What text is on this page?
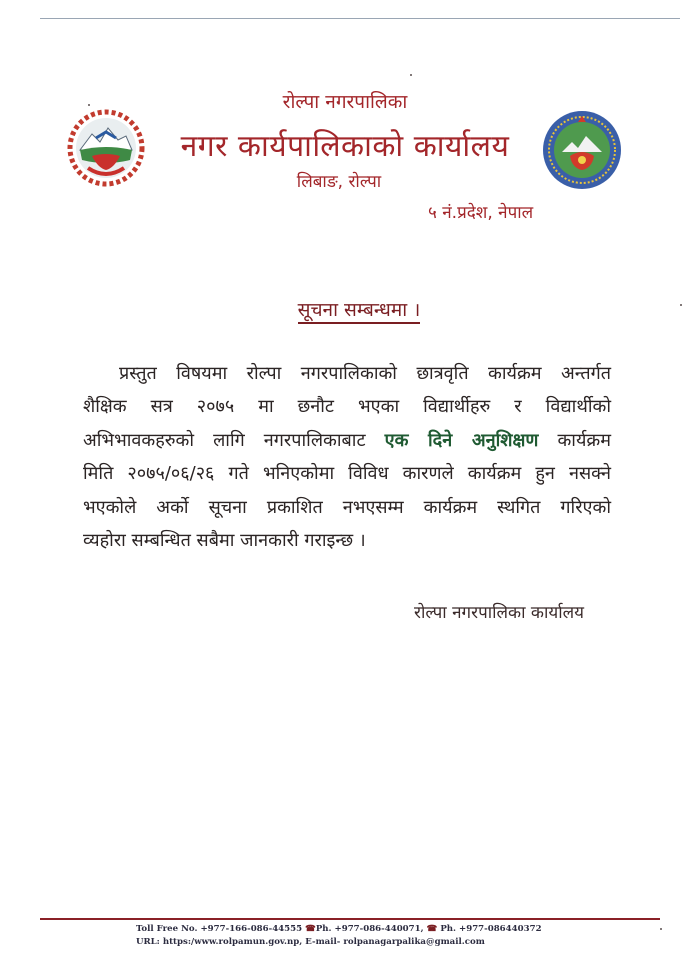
रोल्पा नगरपालिका
नगर कार्यपालिकाको कार्यालय
लिबाङ, रोल्पा
५ नं.प्रदेश, नेपाल
सूचना सम्बन्धमा ।
प्रस्तुत विषयमा रोल्पा नगरपालिकाको छात्रवृति कार्यक्रम अन्तर्गत
शैक्षिक सत्र २०७५ मा छनौट भएका विद्यार्थीहरु र विद्यार्थीको
अभिभावकहरुको लागि नगरपालिकाबाट एक दिने अनुशिक्षण कार्यक्रम
मिति २०७५/०६/२६ गते भनिएकोमा विविध कारणले कार्यक्रम हुन नसक्ने
भएकोले अर्को सूचना प्रकाशित नभएसम्म कार्यक्रम स्थगित गरिएको
व्यहोरा सम्बन्धित सबैमा जानकारी गराइन्छ ।
रोल्पा नगरपालिका कार्यालय
Toll Free No. +977-166-086-44555 ☎Ph. +977-086-440071, ☎ Ph. +977-086440372
URL: https:/www.rolpamun.gov.np, E-mail- rolpanagarpalika@gmail.com
